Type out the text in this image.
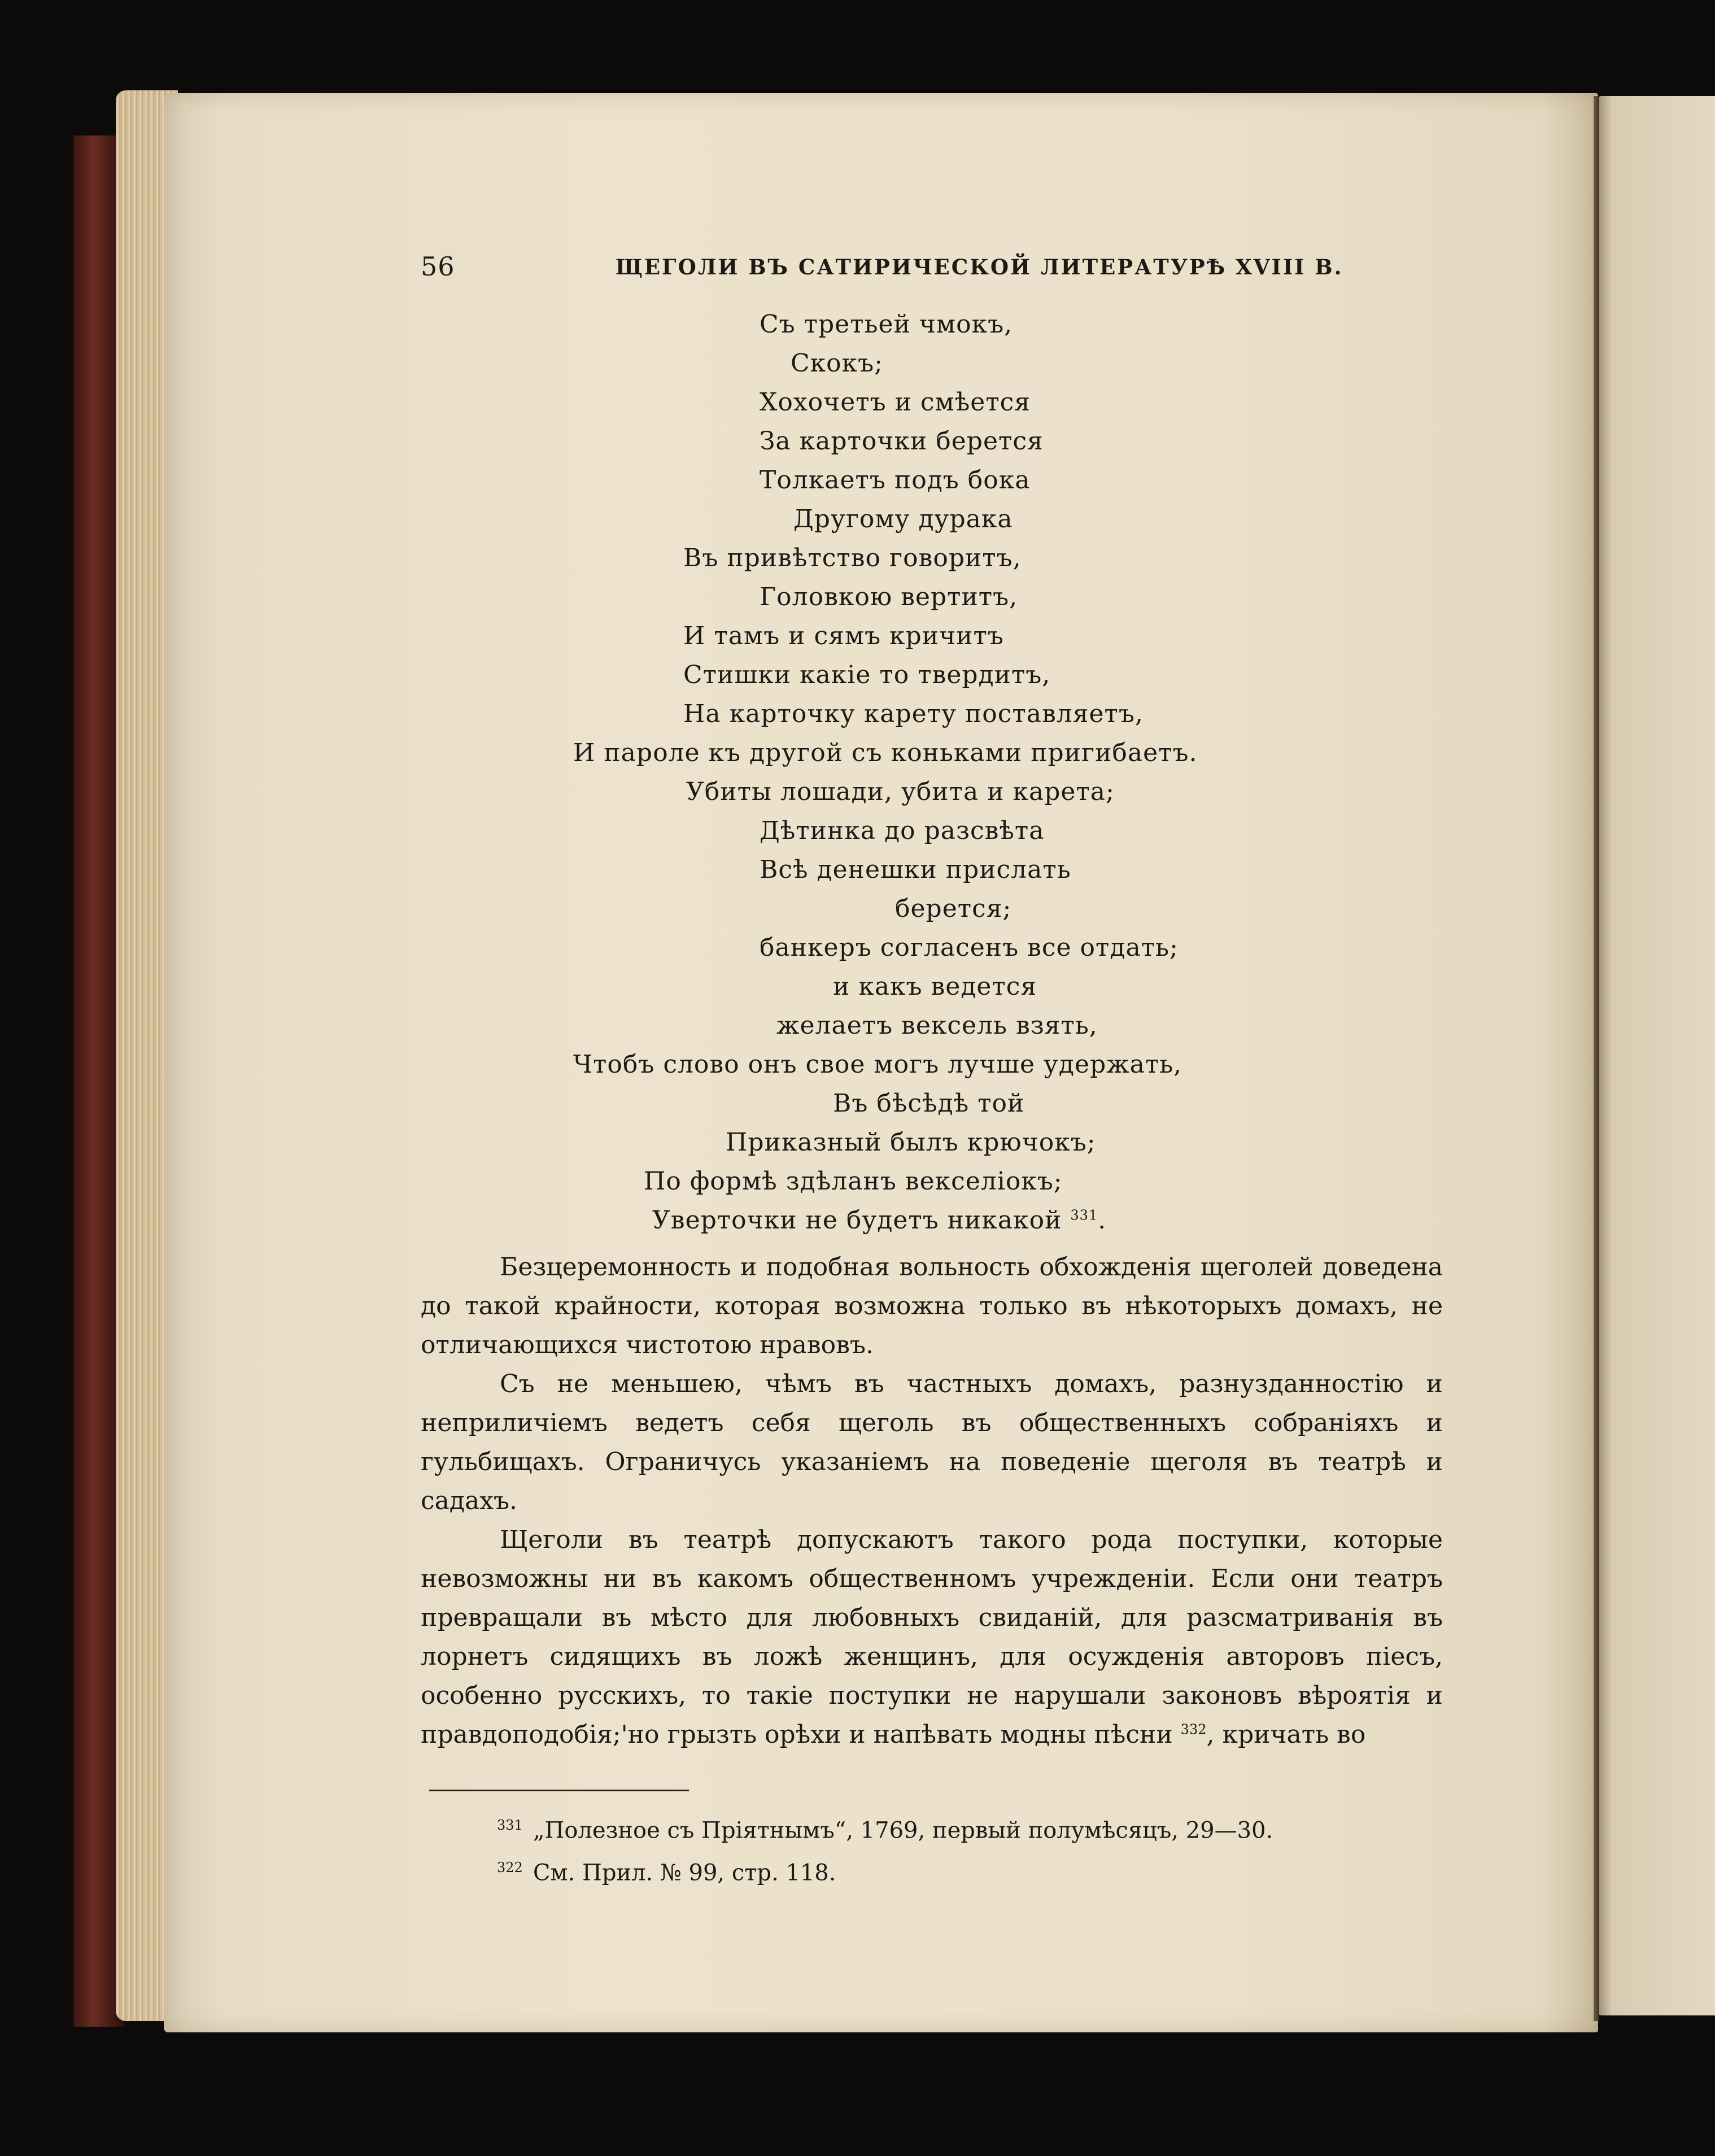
56	ЩЕГОЛИ ВЪ САТИРИЧЕСКОЙ ЛИТЕРАТУРѢ XVIII В.
Съ третьей чмокъ,
Скокъ;
Хохочетъ и смѣется
За карточки берется
Толкаетъ подъ бока
Другому дурака
Въ привѣтство говоритъ,
Головкою вертитъ,
И тамъ и сямъ кричитъ
Стишки какіе то твердитъ,
На карточку карету поставляетъ,
И пароле къ другой съ коньками пригибаетъ.
Убиты лошади, убита и карета;
Дѣтинка до разсвѣта
Всѣ денешки прислать
берется;
банкеръ согласенъ все отдать;
и какъ ведется
желаетъ вексель взять,
Чтобъ слово онъ свое могъ лучше удержать,
Въ бѣсѣдѣ той
Приказный былъ крючокъ;
По формѣ здѣланъ векселіокъ;
Уверточки не будетъ никакой $^{331}$.

Безцеремонность и подобная вольность обхожденія щеголей доведена до такой крайности, которая возможна только въ нѣкоторыхъ домахъ, не отличающихся чистотою нравовъ.

Съ не меньшею, чѣмъ въ частныхъ домахъ, разнузданностію и неприличіемъ ведетъ себя щеголь въ общественныхъ собраніяхъ и гульбищахъ. Ограничусь указаніемъ на поведеніе щеголя въ театрѣ и садахъ.

Щеголи въ театрѣ допускаютъ такого рода поступки, которые невозможны ни въ какомъ общественномъ учрежденіи. Если они театръ превращали въ мѣсто для любовныхъ свиданій, для разсматриванія въ лорнетъ сидящихъ въ ложѣ женщинъ, для осужденія авторовъ піесъ, особенно русскихъ, то такіе поступки не нарушали законовъ вѣроятія и правдоподобія;'но грызть орѣхи и напѣвать модны пѣсни $^{332}$, кричать во

$^{331}$ „Полезное съ Пріятнымъ“, 1769, первый полумѣсяцъ, 29—30.
$^{322}$ См. Прил. № 99, стр. 118.
